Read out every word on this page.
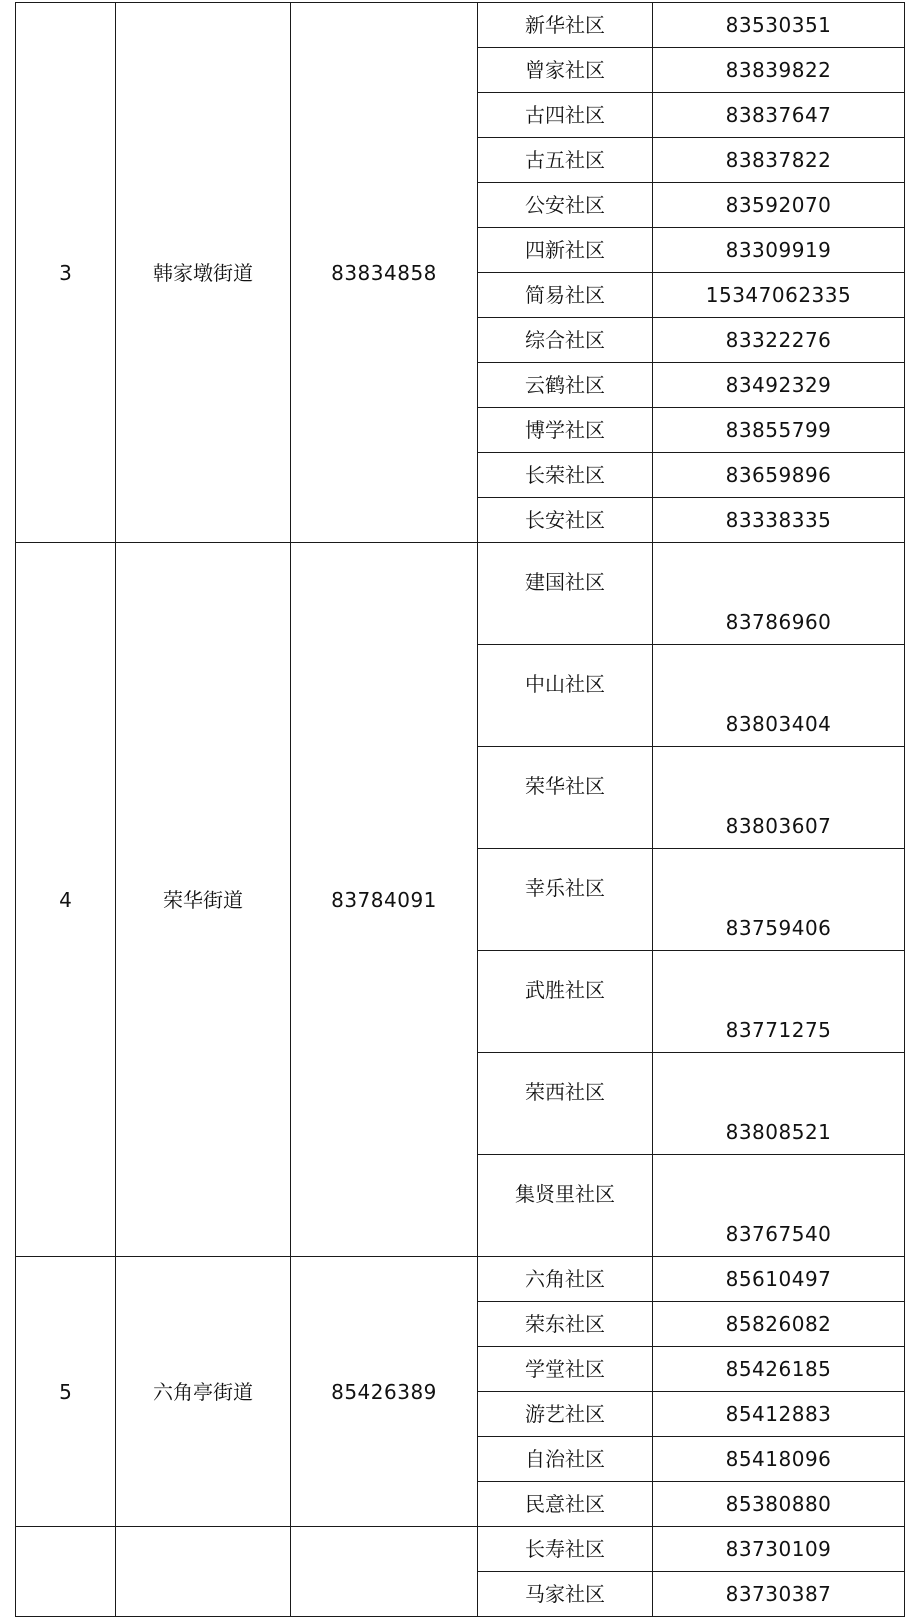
3	韩家墩街道	83834858	新华社区	83530351
			曾家社区	83839822
			古四社区	83837647
			古五社区	83837822
			公安社区	83592070
			四新社区	83309919
			简易社区	15347062335
			综合社区	83322276
			云鹤社区	83492329
			博学社区	83855799
			长荣社区	83659896
			长安社区	83338335
4	荣华街道	83784091	建国社区	83786960
			中山社区	83803404
			荣华社区	83803607
			幸乐社区	83759406
			武胜社区	83771275
			荣西社区	83808521
			集贤里社区	83767540
5	六角亭街道	85426389	六角社区	85610497
			荣东社区	85826082
			学堂社区	85426185
			游艺社区	85412883
			自治社区	85418096
			民意社区	85380880
			长寿社区	83730109
			马家社区	83730387
